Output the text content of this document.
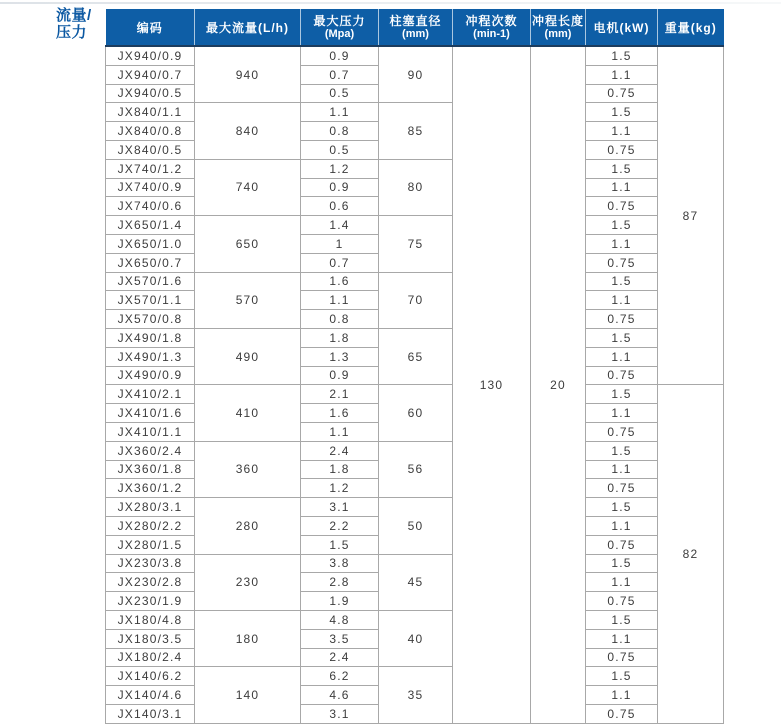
流量/
压力	编码	最大流量(L/h)	最大压力
(Mpa)	柱塞直径
(mm)	冲程次数
(min-1)	冲程长度
(mm)	电机(kW)	重量(kg)
JX940/0.9	940	0.9	90	130	20	1.5	87
JX940/0.7		0.7				1.1	
JX940/0.5		0.5				0.75	
JX840/1.1	840	1.1	85			1.5	
JX840/0.8		0.8				1.1	
JX840/0.5		0.5				0.75	
JX740/1.2	740	1.2	80			1.5	
JX740/0.9		0.9				1.1	
JX740/0.6		0.6				0.75	
JX650/1.4	650	1.4	75			1.5	
JX650/1.0		1				1.1	
JX650/0.7		0.7				0.75	
JX570/1.6	570	1.6	70			1.5	
JX570/1.1		1.1				1.1	
JX570/0.8		0.8				0.75	
JX490/1.8	490	1.8	65			1.5	
JX490/1.3		1.3				1.1	
JX490/0.9		0.9				0.75	
JX410/2.1	410	2.1	60			1.5	82
JX410/1.6		1.6				1.1	
JX410/1.1		1.1				0.75	
JX360/2.4	360	2.4	56			1.5	
JX360/1.8		1.8				1.1	
JX360/1.2		1.2				0.75	
JX280/3.1	280	3.1	50			1.5	
JX280/2.2		2.2				1.1	
JX280/1.5		1.5				0.75	
JX230/3.8	230	3.8	45			1.5	
JX230/2.8		2.8				1.1	
JX230/1.9		1.9				0.75	
JX180/4.8	180	4.8	40			1.5	
JX180/3.5		3.5				1.1	
JX180/2.4		2.4				0.75	
JX140/6.2	140	6.2	35			1.5	
JX140/4.6		4.6				1.1	
JX140/3.1		3.1				0.75	
